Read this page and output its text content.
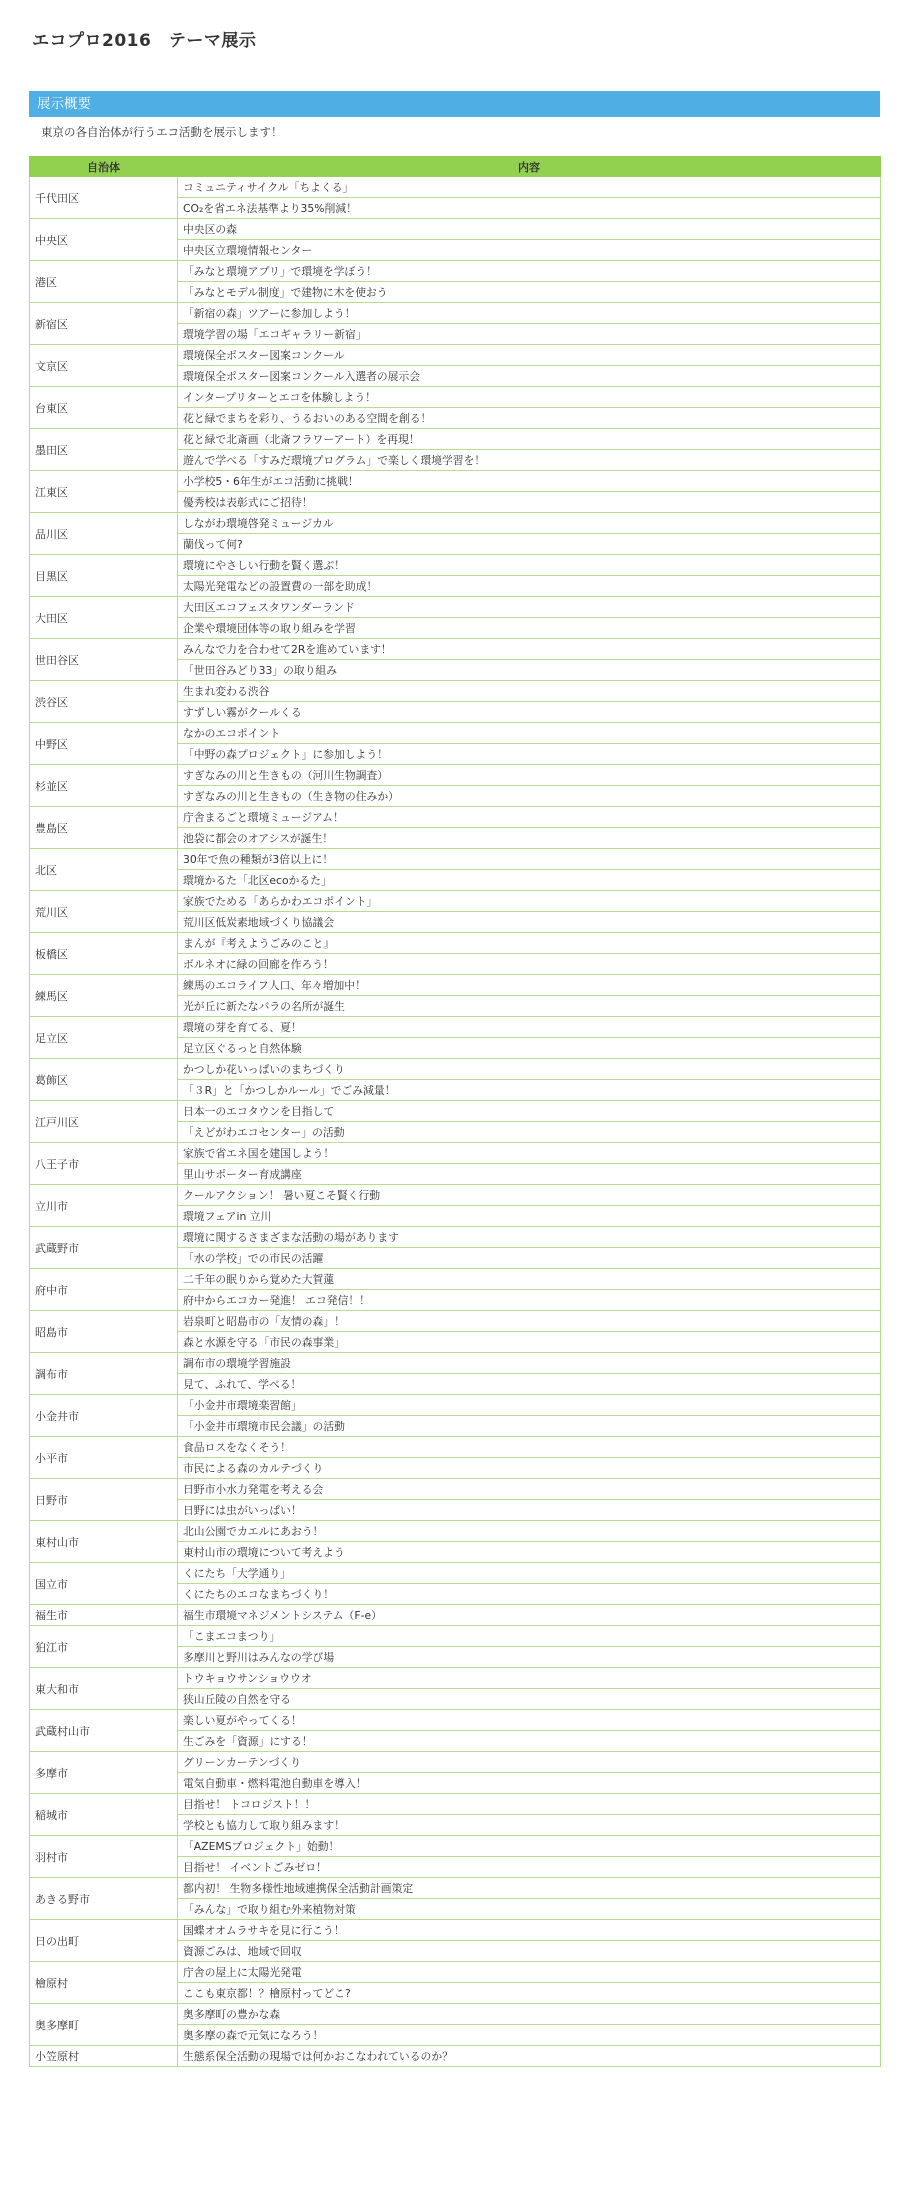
エコプロ2016　テーマ展示
展示概要

東京の各自治体が行うエコ活動を展示します！

自治体	内容
千代田区	コミュニティサイクル「ちよくる」
	CO₂を省エネ法基準より35%削減！
中央区	中央区の森
	中央区立環境情報センター
港区	「みなと環境アプリ」で環境を学ぼう！
	「みなとモデル制度」で建物に木を使おう
新宿区	「新宿の森」ツアーに参加しよう！
	環境学習の場「エコギャラリー新宿」
文京区	環境保全ポスター図案コンクール
	環境保全ポスター図案コンクール入選者の展示会
台東区	インタープリターとエコを体験しよう！
	花と緑でまちを彩り、うるおいのある空間を創る！
墨田区	花と緑で北斎画（北斎フラワーアート）を再現！
	遊んで学べる「すみだ環境プログラム」で楽しく環境学習を！
江東区	小学校5・6年生がエコ活動に挑戦！
	優秀校は表彰式にご招待！
品川区	しながわ環境啓発ミュージカル
	蘭伐って何?
目黒区	環境にやさしい行動を賢く選ぶ！
	太陽光発電などの設置費の一部を助成！
大田区	大田区エコフェスタワンダーランド
	企業や環境団体等の取り組みを学習
世田谷区	みんなで力を合わせて2Rを進めています！
	「世田谷みどり33」の取り組み
渋谷区	生まれ変わる渋谷
	すずしい霧がクールくる
中野区	なかのエコポイント
	「中野の森プロジェクト」に参加しよう！
杉並区	すぎなみの川と生きもの（河川生物調査）
	すぎなみの川と生きもの（生き物の住みか）
豊島区	庁舎まるごと環境ミュージアム！
	池袋に都会のオアシスが誕生！
北区	30年で魚の種類が3倍以上に！
	環境かるた「北区ecoかるた」
荒川区	家族でためる「あらかわエコポイント」
	荒川区低炭素地域づくり協議会
板橋区	まんが『考えようごみのこと』
	ボルネオに緑の回廊を作ろう！
練馬区	練馬のエコライフ人口、年々増加中！
	光が丘に新たなバラの名所が誕生
足立区	環境の芽を育てる、夏！
	足立区ぐるっと自然体験
葛飾区	かつしか花いっぱいのまちづくり
	「３R」と「かつしかルール」でごみ減量！
江戸川区	日本一のエコタウンを目指して
	「えどがわエコセンター」の活動
八王子市	家族で省エネ国を建国しよう！
	里山サポーター育成講座
立川市	クールアクション！ 暑い夏こそ賢く行動
	環境フェアin 立川
武蔵野市	環境に関するさまざまな活動の場があります
	「水の学校」での市民の活躍
府中市	二千年の眠りから覚めた大賀蓮
	府中からエコカー発進！ エコ発信！！
昭島市	岩泉町と昭島市の「友情の森」！
	森と水源を守る「市民の森事業」
調布市	調布市の環境学習施設
	見て、ふれて、学べる！
小金井市	「小金井市環境楽習館」
	「小金井市環境市民会議」の活動
小平市	食品ロスをなくそう！
	市民による森のカルテづくり
日野市	日野市小水力発電を考える会
	日野には虫がいっぱい！
東村山市	北山公園でカエルにあおう！
	東村山市の環境について考えよう
国立市	くにたち「大学通り」
	くにたちのエコなまちづくり！
福生市	福生市環境マネジメントシステム（F-e）
狛江市	「こまエコまつり」
	多摩川と野川はみんなの学び場
東大和市	トウキョウサンショウウオ
	狭山丘陵の自然を守る
武蔵村山市	楽しい夏がやってくる！
	生ごみを「資源」にする！
多摩市	グリーンカーテンづくり
	電気自動車・燃料電池自動車を導入！
稲城市	目指せ！ トコロジスト！！
	学校とも協力して取り組みます！
羽村市	「AZEMSプロジェクト」始動！
	目指せ！ イベントごみゼロ！
あきる野市	都内初！ 生物多様性地域連携保全活動計画策定
	「みんな」で取り組む外来植物対策
日の出町	国蝶オオムラサキを見に行こう！
	資源ごみは、地域で回収
檜原村	庁舎の屋上に太陽光発電
	ここも東京都！？檜原村ってどこ?
奥多摩町	奥多摩町の豊かな森
	奥多摩の森で元気になろう！
小笠原村	生態系保全活動の現場では何かおこなわれているのか？
